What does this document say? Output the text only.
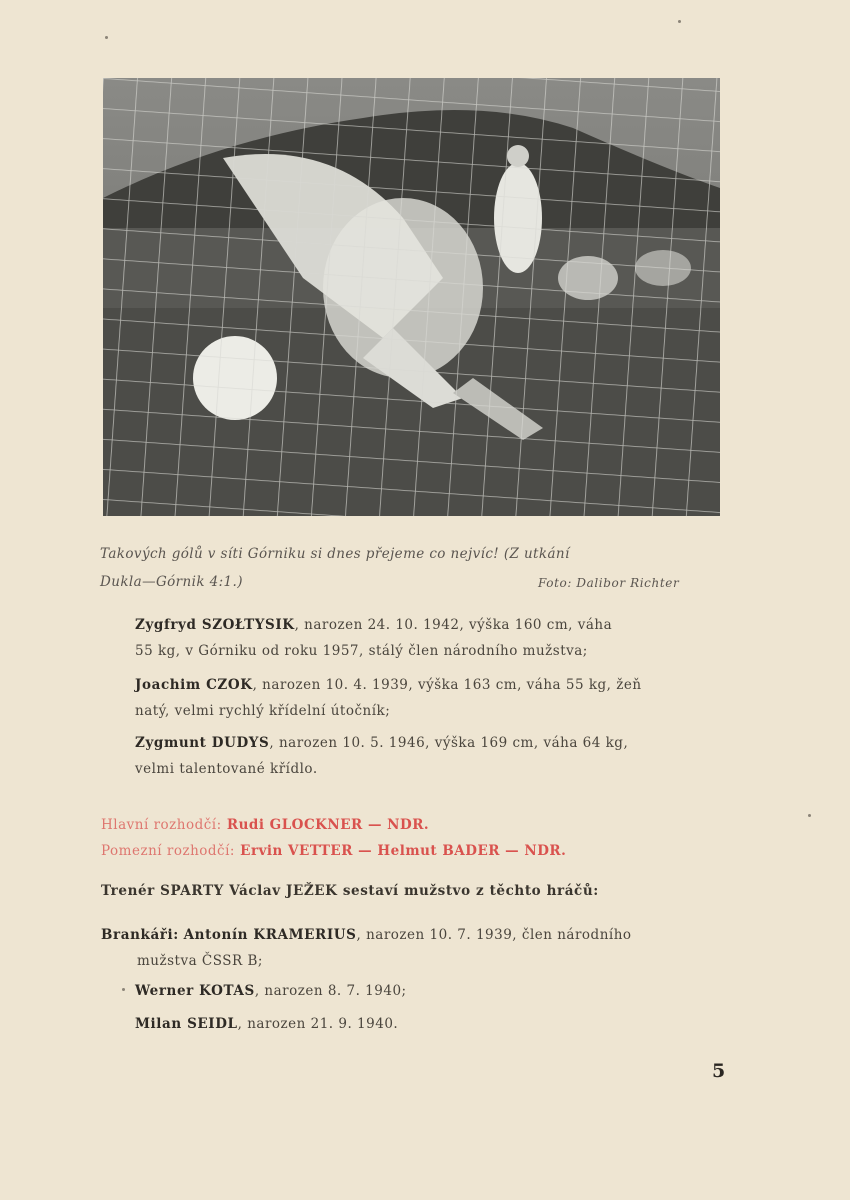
Takových gólů v síti Górniku si dnes přejeme co nejvíc! (Z utkání
Dukla—Górnik 4:1.)	Foto: Dalibor Richter
Zygfryd SZOŁTYSIK, narozen 24. 10. 1942, výška 160 cm, váha
55 kg, v Górniku od roku 1957, stálý člen národního mužstva;
Joachim CZOK, narozen 10. 4. 1939, výška 163 cm, váha 55 kg, žeň
natý, velmi rychlý křídelní útočník;
Zygmunt DUDYS, narozen 10. 5. 1946, výška 169 cm, váha 64 kg,
velmi talentované křídlo.
Hlavní rozhodčí: Rudi GLOCKNER — NDR.
Pomezní rozhodčí: Ervin VETTER — Helmut BADER — NDR.
Trenér SPARTY Václav JEŽEK sestaví mužstvo z těchto hráčů:
Brankáři: Antonín KRAMERIUS, narozen 10. 7. 1939, člen národního
mužstva ČSSR B;
Werner KOTAS, narozen 8. 7. 1940;
Milan SEIDL, narozen 21. 9. 1940.
5
